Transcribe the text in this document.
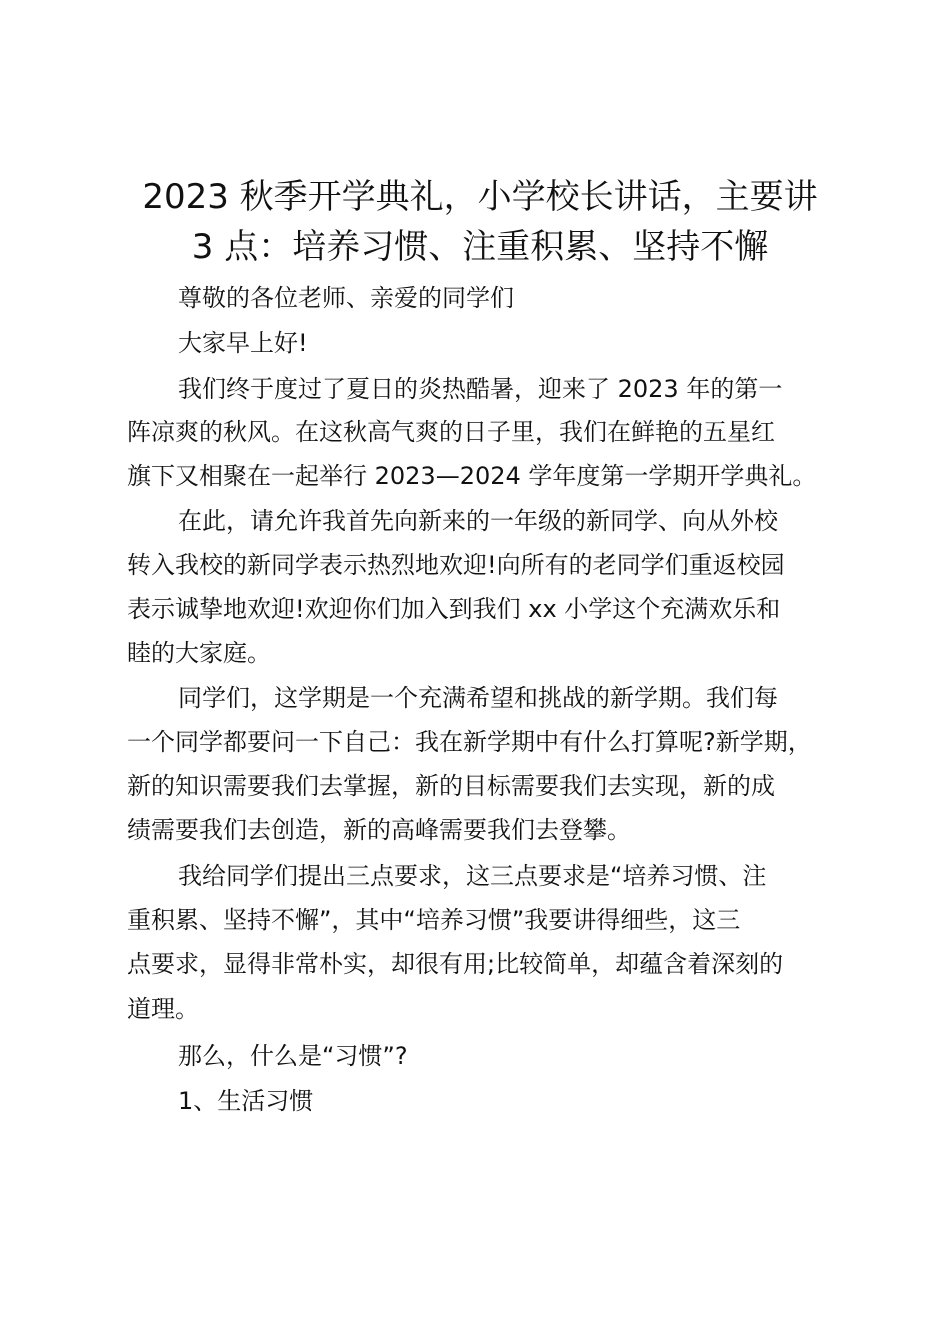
2023 秋季开学典礼，小学校长讲话，主要讲
3 点：培养习惯、注重积累、坚持不懈
尊敬的各位老师、亲爱的同学们
大家早上好!
我们终于度过了夏日的炎热酷暑，迎来了 2023 年的第一
阵凉爽的秋风。在这秋高气爽的日子里，我们在鲜艳的五星红
旗下又相聚在一起举行 2023—2024 学年度第一学期开学典礼。
在此，请允许我首先向新来的一年级的新同学、向从外校
转入我校的新同学表示热烈地欢迎!向所有的老同学们重返校园
表示诚挚地欢迎!欢迎你们加入到我们 xx 小学这个充满欢乐和
睦的大家庭。
同学们，这学期是一个充满希望和挑战的新学期。我们每
一个同学都要问一下自己：我在新学期中有什么打算呢?新学期，
新的知识需要我们去掌握，新的目标需要我们去实现，新的成
绩需要我们去创造，新的高峰需要我们去登攀。
我给同学们提出三点要求，这三点要求是“培养习惯、注
重积累、坚持不懈”，其中“培养习惯”我要讲得细些，这三
点要求，显得非常朴实，却很有用;比较简单，却蕴含着深刻的
道理。
那么，什么是“习惯”?
1、生活习惯
